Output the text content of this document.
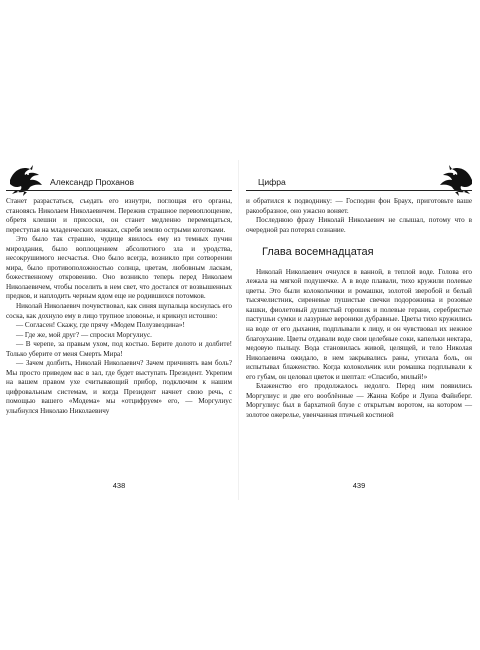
Александр Проханов

Станет разрастаться, съедать его изнутри, поглощая его органы, становясь Николаем Николаевичем. Пережив страшное перевоплощение, обретя клешни и присоски, он станет медленно перемещаться, переступая на младенческих ножках, скребя землю острыми коготками.

Это было так страшно, чудище явилось ему из темных пучин мироздания, было воплощением абсолютного зла и уродства, несокрушимого несчастья. Оно было всегда, возникло при сотворении мира, было противоположностью солнца, цветам, любовным ласкам, божественному откровению. Оно возникло теперь перед Николаем Николаевичем, чтобы поселить в нем свет, что достался от возвышенных предков, и наплодить черным ядом еще не родившихся потомков.

Николай Николаевич почувствовал, как синяя щупальца коснулась его соска, как дохнуло ему в лицо трупное зловонье, и крикнул истошно:

— Согласен! Скажу, где прячу «Модем Полузвездина»!

— Где же, мой друг? — спросил Моргулиус.

— В черепе, за правым ухом, под костью. Берите долото и долбите! Только уберите от меня Смерть Мира!

— Зачем долбить, Николай Николаевич? Зачем причинять вам боль? Мы просто приведем вас в зал, где будет выступать Президент. Укрепим на вашем правом ухе считывающий прибор, подключим к нашим цифровальным системам, и когда Президент начнет свою речь, с помощью вашего «Модема» мы «отцифруем» его, — Моргулиус улыбнулся Николаю Николаевичу

Цифра

и обратился к подводнику: — Господин фон Браух, приготовьте ваше ракообразное, оно ужасно воняет.

Последнюю фразу Николай Николаевич не слышал, потому что в очередной раз потерял сознание.

Глава восемнадцатая

Николай Николаевич очнулся в ванной, в теплой воде. Голова его лежала на мягкой подушечке. А в воде плавали, тихо кружили полевые цветы. Это были колокольчики и ромашки, золотой зверобой и белый тысячелистник, сиреневые пушистые свечки подорожника и розовые кашки, фиолетовый душистый горошек и полевые герани, серебристые пастушьи сумки и лазурные вероники дубравные. Цветы тихо кружились на воде от его дыхания, подплывали к лицу, и он чувствовал их нежное благоухание. Цветы отдавали воде свои целебные соки, капельки нектара, медовую пыльцу. Вода становилась живой, целящей, и тело Николая Николаевича ожидало, в нем закрывались раны, утихала боль, он испытывал блаженство. Когда колокольчик или ромашка подплывали к его губам, он целовал цветок и шептал: «Спасибо, милый!»

Блаженство его продолжалось недолго. Перед ним появились Моргулиус и две его вооблённые — Жанна Кобре и Луиза Файнберг. Моргулиус был в бархатной блузе с открытым воротом, на котором — золотое ожерелье, увенчанная птичьей костиной

438	439
